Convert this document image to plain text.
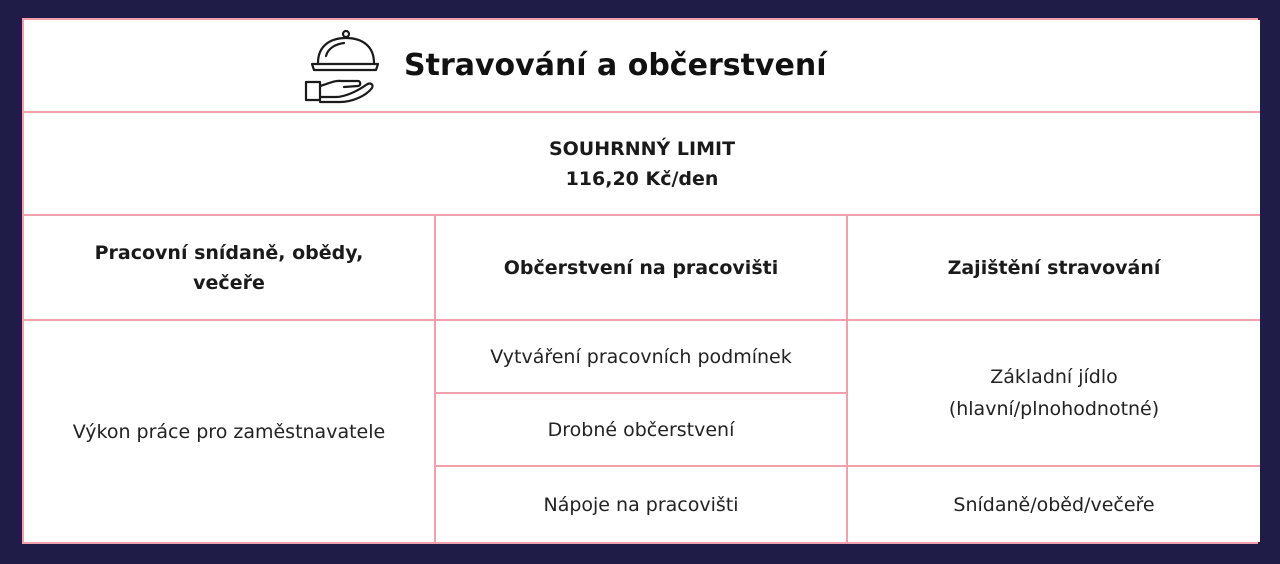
Stravování a občerstvení
SOUHRNNÝ LIMIT
116,20 Kč/den
Pracovní snídaně, obědy, večeře
Občerstvení na pracovišti	Zajištění stravování
Výkon práce pro zaměstnavatele
Vytváření pracovních podmínek
Drobné občerstvení
Nápoje na pracovišti
Základní jídlo
(hlavní/plnohodnotné)
Snídaně/oběd/večeře
